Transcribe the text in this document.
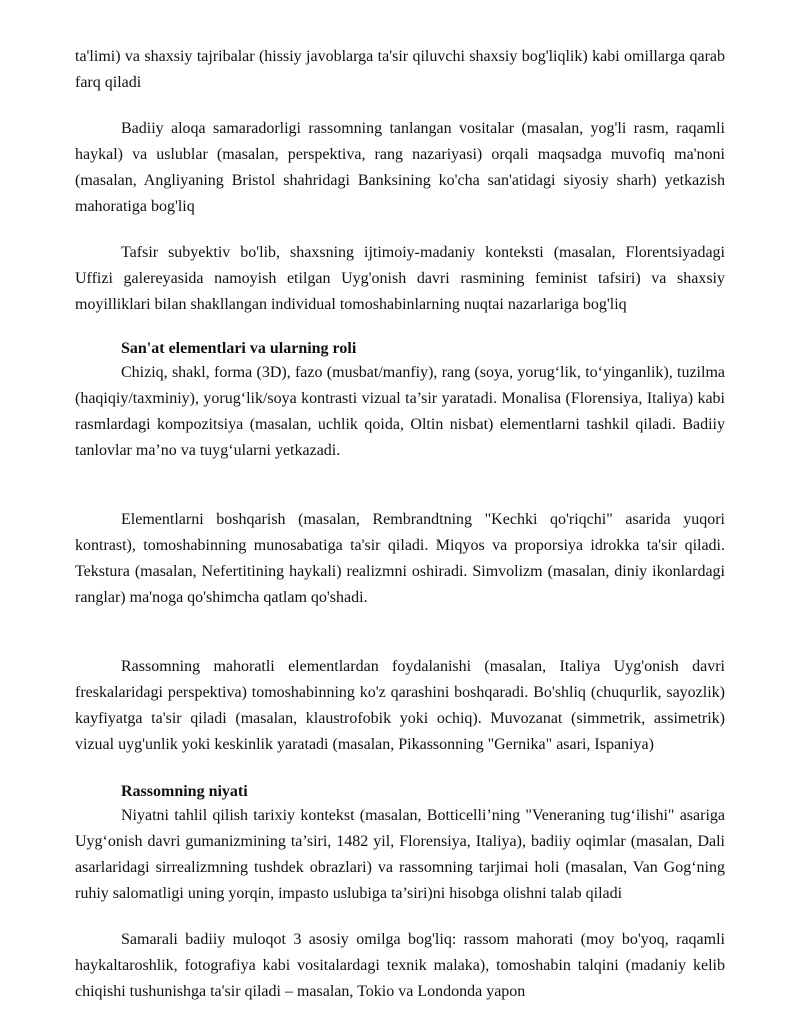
ta'limi) va shaxsiy tajribalar (hissiy javoblarga ta'sir qiluvchi shaxsiy bog'liqlik) kabi omillarga qarab farq qiladi

Badiiy aloqa samaradorligi rassomning tanlangan vositalar (masalan, yog'li rasm, raqamli haykal) va uslublar (masalan, perspektiva, rang nazariyasi) orqali maqsadga muvofiq ma'noni (masalan, Angliyaning Bristol shahridagi Banksining ko'cha san'atidagi siyosiy sharh) yetkazish mahoratiga bog'liq

Tafsir subyektiv bo'lib, shaxsning ijtimoiy-madaniy konteksti (masalan, Florentsiyadagi Uffizi galereyasida namoyish etilgan Uyg'onish davri rasmining feminist tafsiri) va shaxsiy moyilliklari bilan shakllangan individual tomoshabinlarning nuqtai nazarlariga bog'liq

San'at elementlari va ularning roli

Chiziq, shakl, forma (3D), fazo (musbat/manfiy), rang (soya, yorug‘lik, to‘yinganlik), tuzilma (haqiqiy/taxminiy), yorug‘lik/soya kontrasti vizual ta’sir yaratadi. Monalisa (Florensiya, Italiya) kabi rasmlardagi kompozitsiya (masalan, uchlik qoida, Oltin nisbat) elementlarni tashkil qiladi. Badiiy tanlovlar ma’no va tuyg‘ularni yetkazadi.

Elementlarni boshqarish (masalan, Rembrandtning "Kechki qo'riqchi" asarida yuqori kontrast), tomoshabinning munosabatiga ta'sir qiladi. Miqyos va proporsiya idrokka ta'sir qiladi. Tekstura (masalan, Nefertitining haykali) realizmni oshiradi. Simvolizm (masalan, diniy ikonlardagi ranglar) ma'noga qo'shimcha qatlam qo'shadi.

Rassomning mahoratli elementlardan foydalanishi (masalan, Italiya Uyg'onish davri freskalaridagi perspektiva) tomoshabinning ko'z qarashini boshqaradi. Bo'shliq (chuqurlik, sayozlik) kayfiyatga ta'sir qiladi (masalan, klaustrofobik yoki ochiq). Muvozanat (simmetrik, assimetrik) vizual uyg'unlik yoki keskinlik yaratadi (masalan, Pikassonning "Gernika" asari, Ispaniya)

Rassomning niyati

Niyatni tahlil qilish tarixiy kontekst (masalan, Botticelli’ning "Veneraning tug‘ilishi" asariga Uyg‘onish davri gumanizmining ta’siri, 1482 yil, Florensiya, Italiya), badiiy oqimlar (masalan, Dali asarlaridagi sirrealizmning tushdek obrazlari) va rassomning tarjimai holi (masalan, Van Gog‘ning ruhiy salomatligi uning yorqin, impasto uslubiga ta’siri)ni hisobga olishni talab qiladi

Samarali badiiy muloqot 3 asosiy omilga bog'liq: rassom mahorati (moy bo'yoq, raqamli haykaltaroshlik, fotografiya kabi vositalardagi texnik malaka), tomoshabin talqini (madaniy kelib chiqishi tushunishga ta'sir qiladi – masalan, Tokio va Londonda yapon
